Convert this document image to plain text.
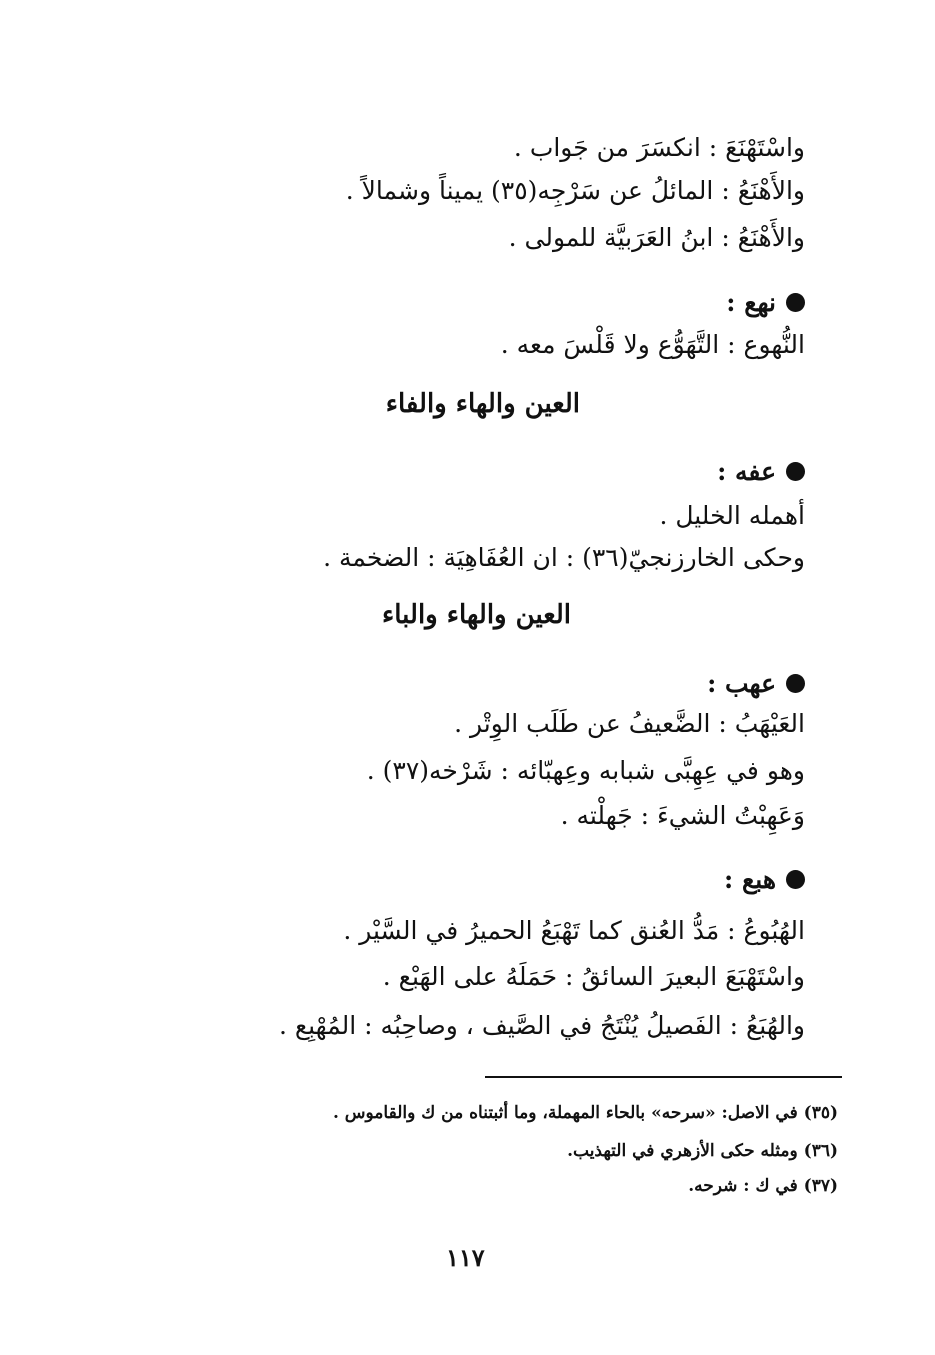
واسْتَهْنَعَ : انكسَرَ من جَواب .
والأَهْنَعُ : المائلُ عن سَرْجِه(٣٥) يميناً وشمالاً .
والأَهْنَعُ : ابنُ العَرَبيَّة للمولى .
نهع :
النُّهوع : التَّهَوُّع ولا قَلْسَ معه .
العين والهاء والفاء
عفه :
أهمله الخليل .
وحكى الخارزنجيّ(٣٦) : ان العُفَاهِيَة : الضخمة .
العين والهاء والباء
عهب :
العَيْهَبُ : الضَّعيفُ عن طَلَب الوِتْر .
وهو في عِهِبَّى شبابه وعِهبّائه : شَرْخه(٣٧) .
وَعَهِبْتُ الشيءَ : جَهلْته .
هبع :
الهُبُوعُ : مَدُّ العُنق كما تَهْبَعُ الحميرُ في السَّيْر .
واسْتَهْبَعَ البعيرَ السائقُ : حَمَلَهُ على الهَبْع .
والهُبَعُ : الفَصيلُ يُنْتَجُ في الصَّيف ، وصاحِبُه : المُهْبِع .
(٣٥) في الاصل: «سرحه» بالحاء المهملة، وما أثبتناه من ك والقاموس .
(٣٦) ومثله حكى الأزهري في التهذيب.
(٣٧) في ك : شرحه.
١١٧
